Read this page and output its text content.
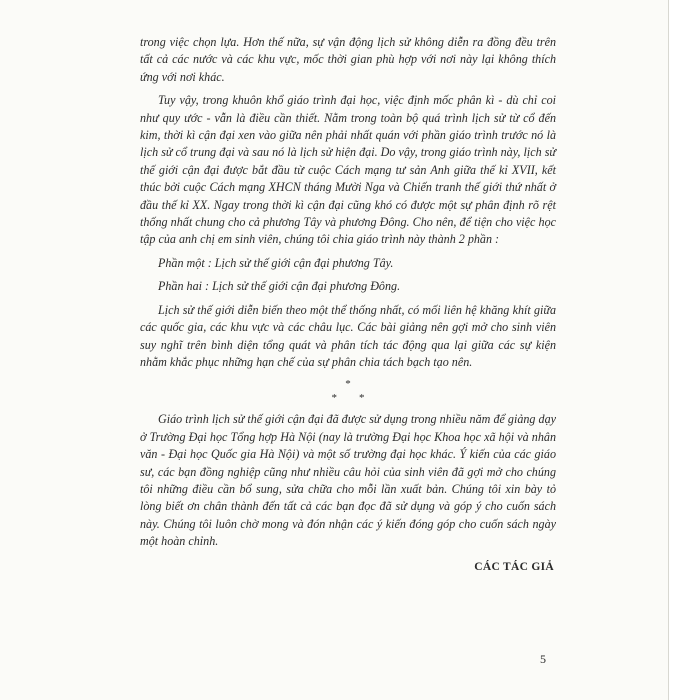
trong việc chọn lựa. Hơn thế nữa, sự vận động lịch sử không diễn ra đồng đều trên tất cả các nước và các khu vực, mốc thời gian phù hợp với nơi này lại không thích ứng với nơi khác.

Tuy vậy, trong khuôn khổ giáo trình đại học, việc định mốc phân kì - dù chỉ coi như quy ước - vẫn là điều cần thiết. Nằm trong toàn bộ quá trình lịch sử từ cổ đến kim, thời kì cận đại xen vào giữa nên phải nhất quán với phần giáo trình trước nó là lịch sử cổ trung đại và sau nó là lịch sử hiện đại. Do vậy, trong giáo trình này, lịch sử thế giới cận đại được bắt đầu từ cuộc Cách mạng tư sản Anh giữa thế kỉ XVII, kết thúc bởi cuộc Cách mạng XHCN tháng Mười Nga và Chiến tranh thế giới thứ nhất ở đầu thế kỉ XX. Ngay trong thời kì cận đại cũng khó có được một sự phân định rõ rệt thống nhất chung cho cả phương Tây và phương Đông. Cho nên, để tiện cho việc học tập của anh chị em sinh viên, chúng tôi chia giáo trình này thành 2 phần :

Phần một : Lịch sử thế giới cận đại phương Tây.

Phần hai : Lịch sử thế giới cận đại phương Đông.

Lịch sử thế giới diễn biến theo một thể thống nhất, có mối liên hệ khăng khít giữa các quốc gia, các khu vực và các châu lục. Các bài giảng nên gợi mở cho sinh viên suy nghĩ trên bình diện tổng quát và phân tích tác động qua lại giữa các sự kiện nhằm khắc phục những hạn chế của sự phân chia tách bạch tạo nên.

*
* *

Giáo trình lịch sử thế giới cận đại đã được sử dụng trong nhiều năm để giảng dạy ở Trường Đại học Tổng hợp Hà Nội (nay là trường Đại học Khoa học xã hội và nhân văn - Đại học Quốc gia Hà Nội) và một số trường đại học khác. Ý kiến của các giáo sư, các bạn đồng nghiệp cũng như nhiều câu hỏi của sinh viên đã gợi mở cho chúng tôi những điều cần bổ sung, sửa chữa cho mỗi lần xuất bản. Chúng tôi xin bày tỏ lòng biết ơn chân thành đến tất cả các bạn đọc đã sử dụng và góp ý cho cuốn sách này. Chúng tôi luôn chờ mong và đón nhận các ý kiến đóng góp cho cuốn sách ngày một hoàn chỉnh.

CÁC TÁC GIẢ
5
